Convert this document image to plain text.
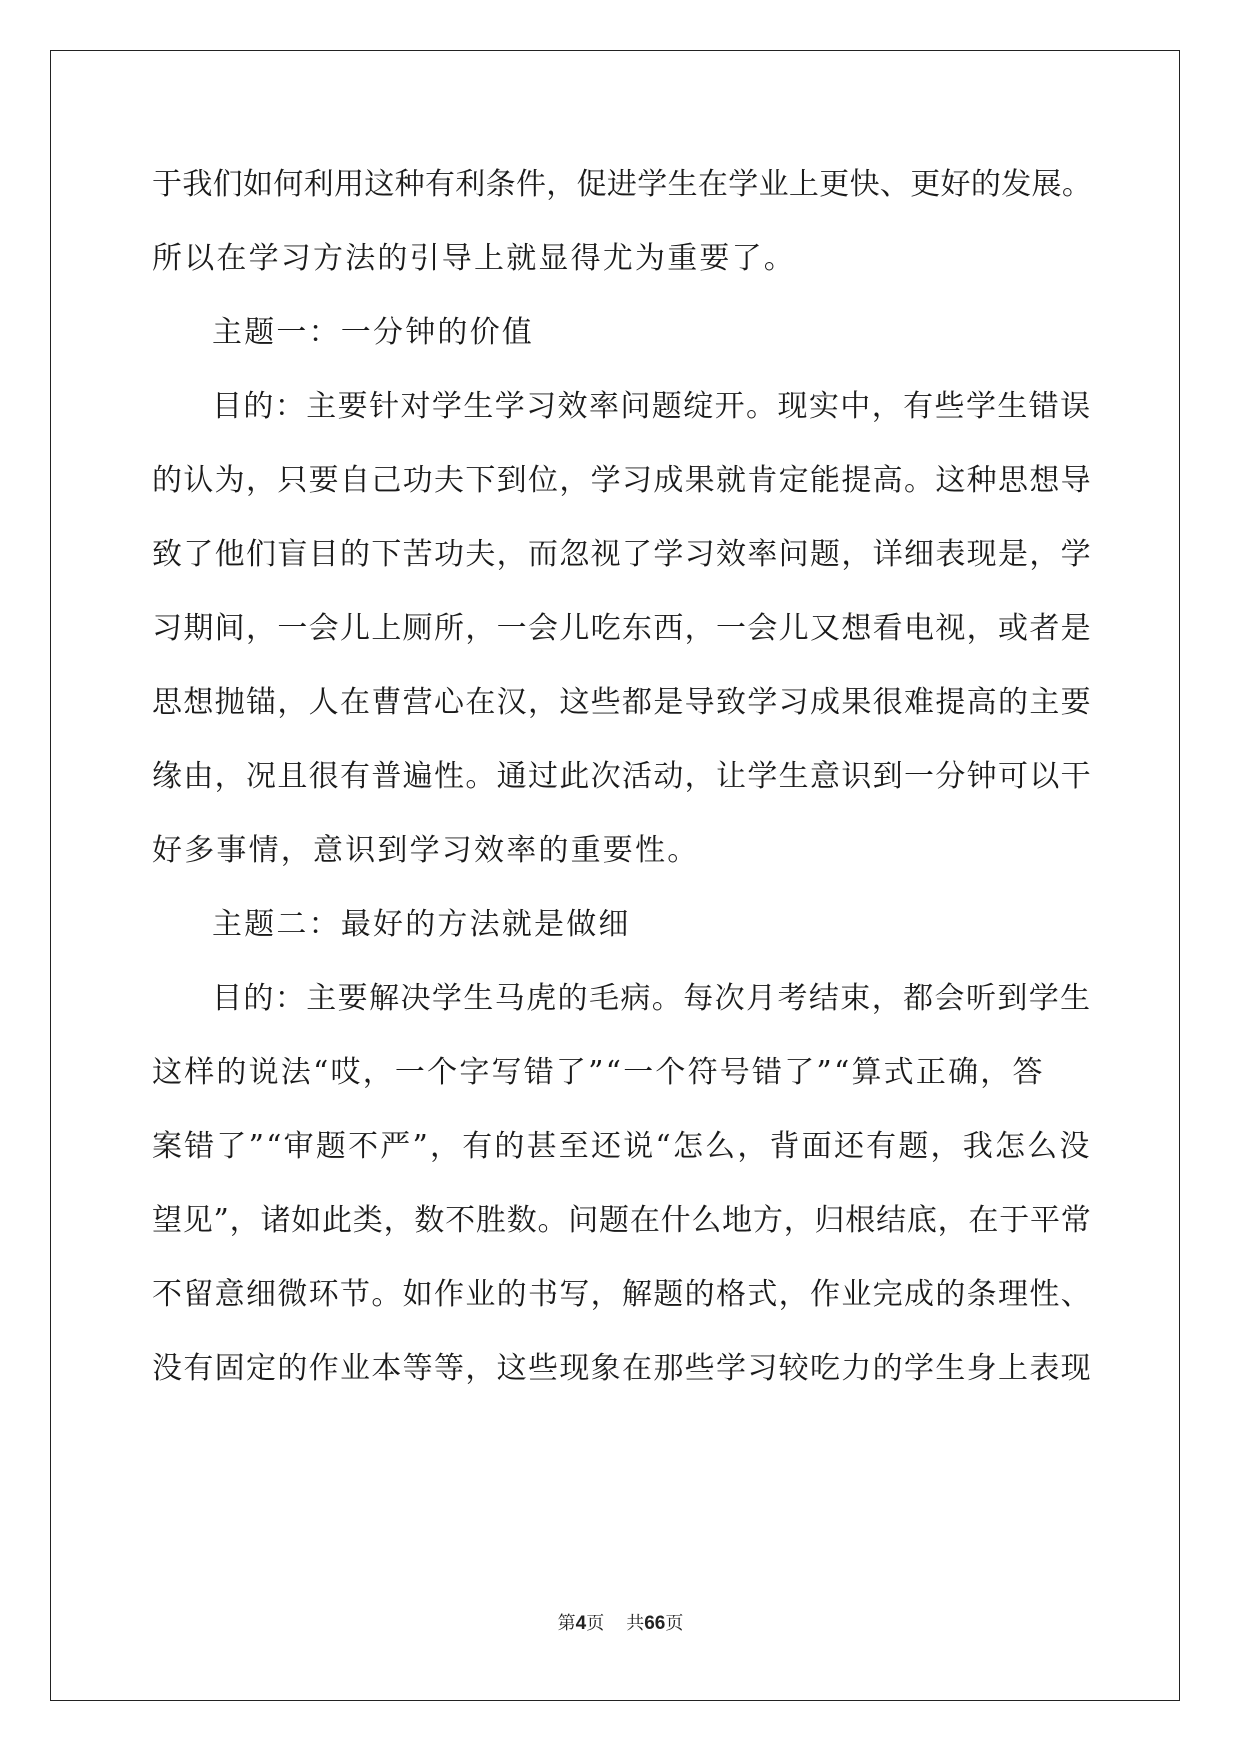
于我们如何利用这种有利条件，促进学生在学业上更快、更好的发展。
所以在学习方法的引导上就显得尤为重要了。
主题一：一分钟的价值
目的：主要针对学生学习效率问题绽开。现实中，有些学生错误
的认为，只要自己功夫下到位，学习成果就肯定能提高。这种思想导
致了他们盲目的下苦功夫，而忽视了学习效率问题，详细表现是，学
习期间，一会儿上厕所，一会儿吃东西，一会儿又想看电视，或者是
思想抛锚，人在曹营心在汉，这些都是导致学习成果很难提高的主要
缘由，况且很有普遍性。通过此次活动，让学生意识到一分钟可以干
好多事情，意识到学习效率的重要性。
主题二：最好的方法就是做细
目的：主要解决学生马虎的毛病。每次月考结束，都会听到学生
这样的说法“哎，一个字写错了”“一个符号错了”“算式正确，答
案错了”“审题不严”，有的甚至还说“怎么，背面还有题，我怎么没
望见”，诸如此类，数不胜数。问题在什么地方，归根结底，在于平常
不留意细微环节。如作业的书写，解题的格式，作业完成的条理性、
没有固定的作业本等等，这些现象在那些学习较吃力的学生身上表现
第4页 共66页
